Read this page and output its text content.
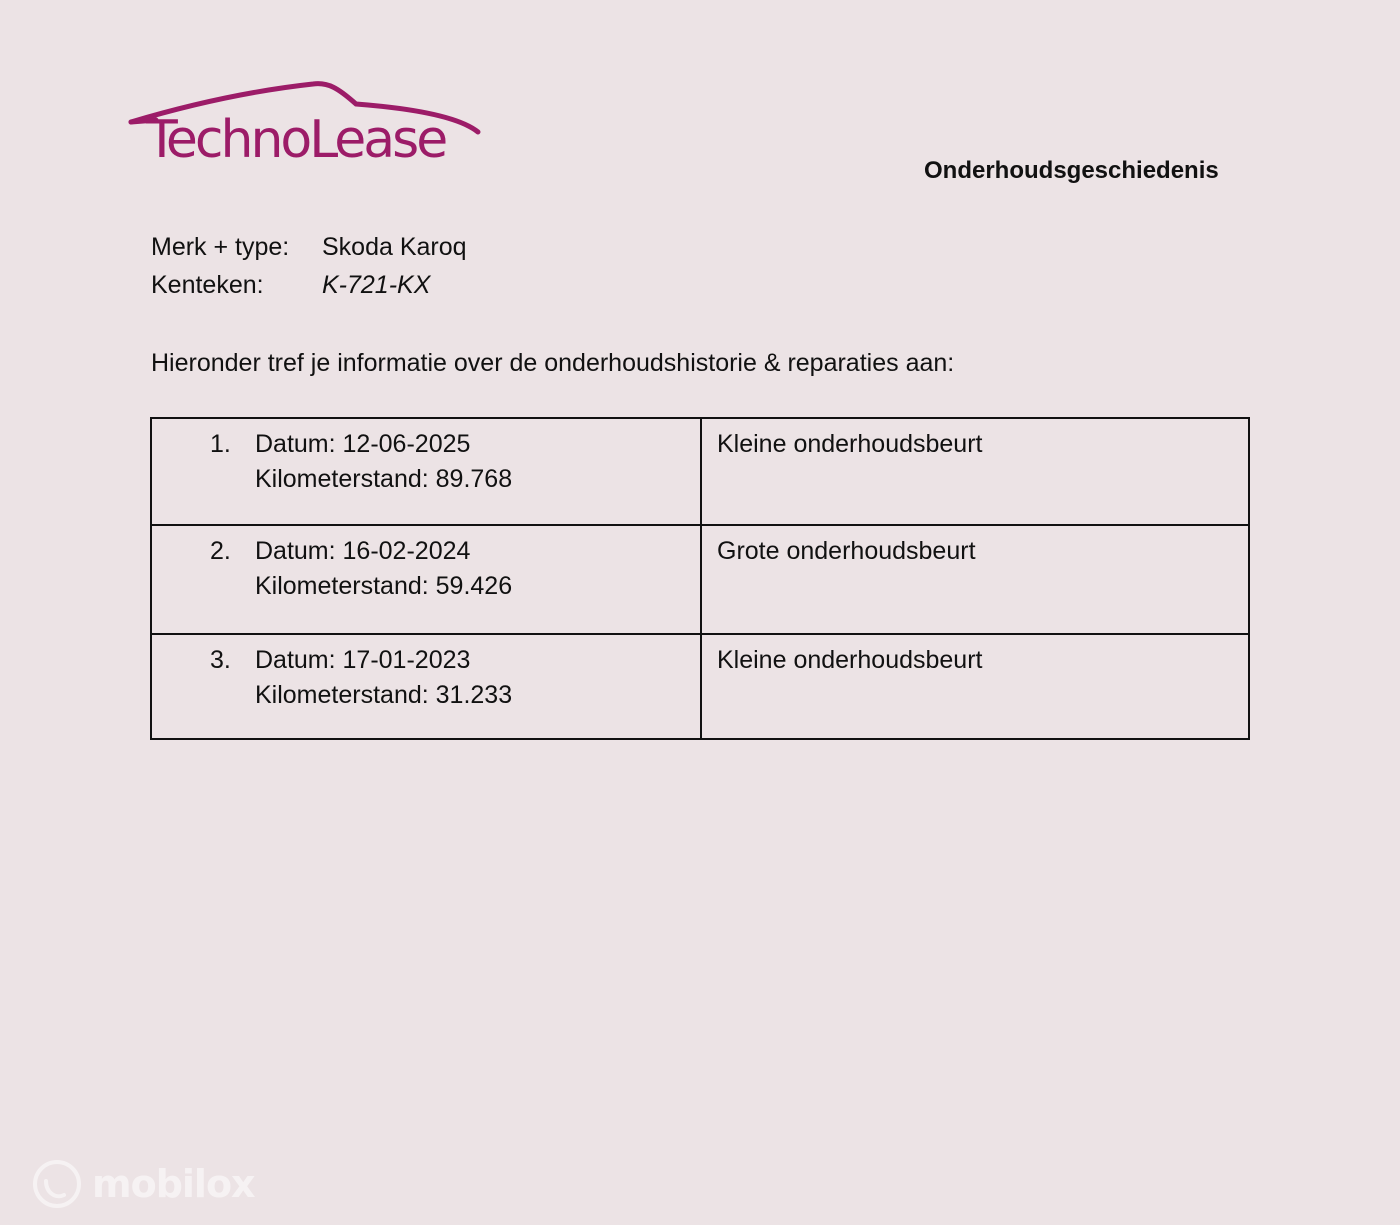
TechnoLease
Onderhoudsgeschiedenis
Merk + type: Skoda Karoq
Kenteken: K-721-KX
Hieronder tref je informatie over de onderhoudshistorie & reparaties aan:
1. Datum: 12-06-2025
Kilometerstand: 89.768	Kleine onderhoudsbeurt

2. Datum: 16-02-2024
Kilometerstand: 59.426	Grote onderhoudsbeurt

3. Datum: 17-01-2023
Kilometerstand: 31.233	Kleine onderhoudsbeurt
mobilox
